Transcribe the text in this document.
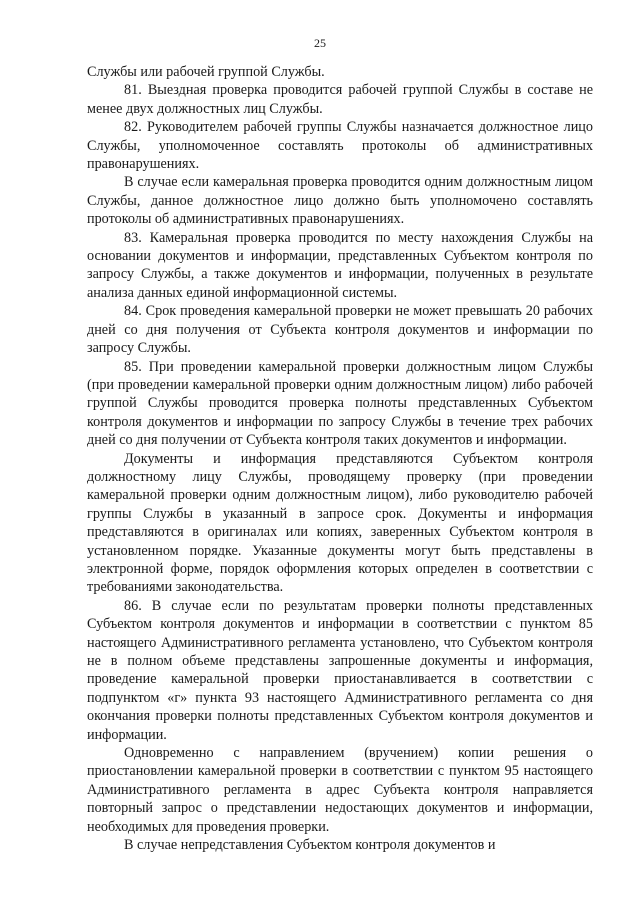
25

Службы или рабочей группой Службы.

81. Выездная проверка проводится рабочей группой Службы в составе не менее двух должностных лиц Службы.

82. Руководителем рабочей группы Службы назначается должностное лицо Службы, уполномоченное составлять протоколы об административных правонарушениях.

В случае если камеральная проверка проводится одним должностным лицом Службы, данное должностное лицо должно быть уполномочено составлять протоколы об административных правонарушениях.

83. Камеральная проверка проводится по месту нахождения Службы на основании документов и информации, представленных Субъектом контроля по запросу Службы, а также документов и информации, полученных в результате анализа данных единой информационной системы.

84. Срок проведения камеральной проверки не может превышать 20 рабочих дней со дня получения от Субъекта контроля документов и информации по запросу Службы.

85. При проведении камеральной проверки должностным лицом Службы (при проведении камеральной проверки одним должностным лицом) либо рабочей группой Службы проводится проверка полноты представленных Субъектом контроля документов и информации по запросу Службы в течение трех рабочих дней со дня получении от Субъекта контроля таких документов и информации.

Документы и информация представляются Субъектом контроля должностному лицу Службы, проводящему проверку (при проведении камеральной проверки одним должностным лицом), либо руководителю рабочей группы Службы в указанный в запросе срок. Документы и информация представляются в оригиналах или копиях, заверенных Субъектом контроля в установленном порядке. Указанные документы могут быть представлены в электронной форме, порядок оформления которых определен в соответствии с требованиями законодательства.

86. В случае если по результатам проверки полноты представленных Субъектом контроля документов и информации в соответствии с пунктом 85 настоящего Административного регламента установлено, что Субъектом контроля не в полном объеме представлены запрошенные документы и информация, проведение камеральной проверки приостанавливается в соответствии с подпунктом «г» пункта 93 настоящего Административного регламента со дня окончания проверки полноты представленных Субъектом контроля документов и информации.

Одновременно с направлением (вручением) копии решения о приостановлении камеральной проверки в соответствии с пунктом 95 настоящего Административного регламента в адрес Субъекта контроля направляется повторный запрос о представлении недостающих документов и информации, необходимых для проведения проверки.

В случае непредставления Субъектом контроля документов и
